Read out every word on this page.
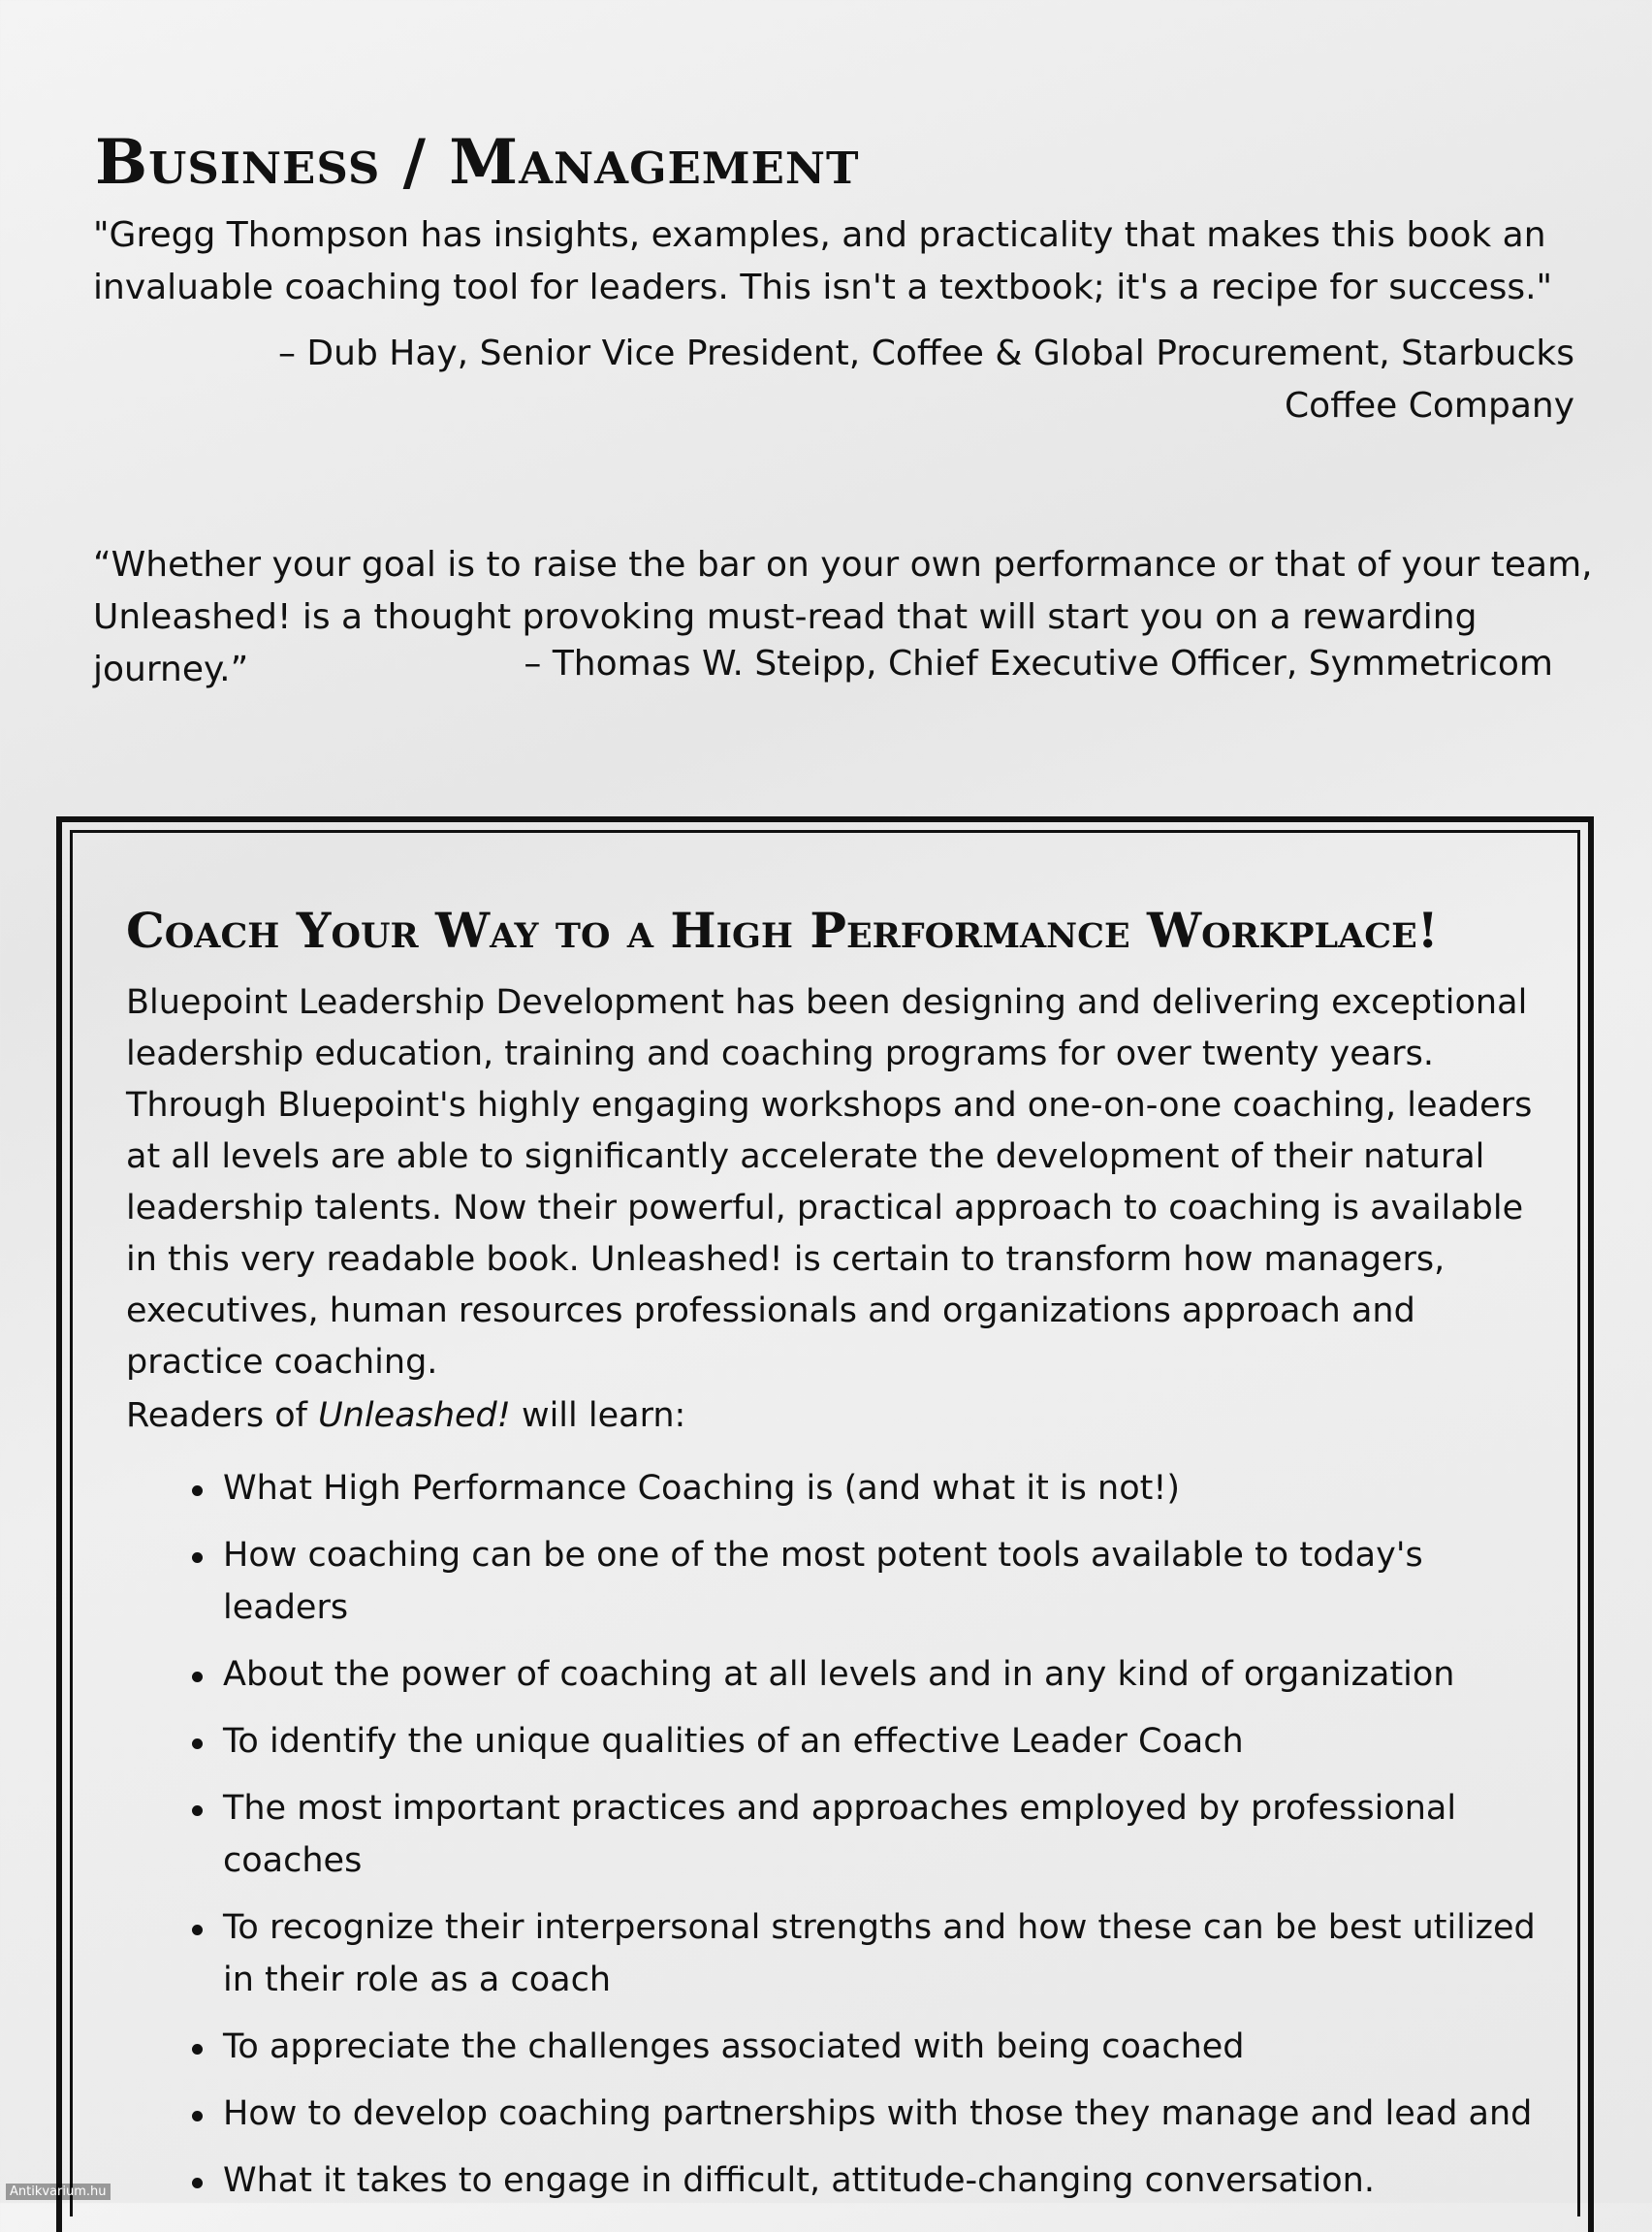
Business / Management

"Gregg Thompson has insights, examples, and practicality that makes this book an invaluable coaching tool for leaders. This isn't a textbook; it's a recipe for success."

– Dub Hay, Senior Vice President, Coffee & Global Procurement, Starbucks Coffee Company

“Whether your goal is to raise the bar on your own performance or that of your team, Unleashed! is a thought provoking must-read that will start you on a rewarding journey.”	– Thomas W. Steipp, Chief Executive Officer, Symmetricom

Coach Your Way to a High Performance Workplace!

Bluepoint Leadership Development has been designing and delivering exceptional leadership education, training and coaching programs for over twenty years. Through Bluepoint's highly engaging workshops and one-on-one coaching, leaders at all levels are able to significantly accelerate the development of their natural leadership talents. Now their powerful, practical approach to coaching is available in this very readable book. Unleashed! is certain to transform how managers, executives, human resources professionals and organizations approach and practice coaching.

Readers of Unleashed! will learn:

What High Performance Coaching is (and what it is not!)
How coaching can be one of the most potent tools available to today's leaders
About the power of coaching at all levels and in any kind of organization
To identify the unique qualities of an effective Leader Coach
The most important practices and approaches employed by professional coaches
To recognize their interpersonal strengths and how these can be best utilized in their role as a coach
To appreciate the challenges associated with being coached
How to develop coaching partnerships with those they manage and lead and
What it takes to engage in difficult, attitude-changing conversation.
Antikvarium.hu
